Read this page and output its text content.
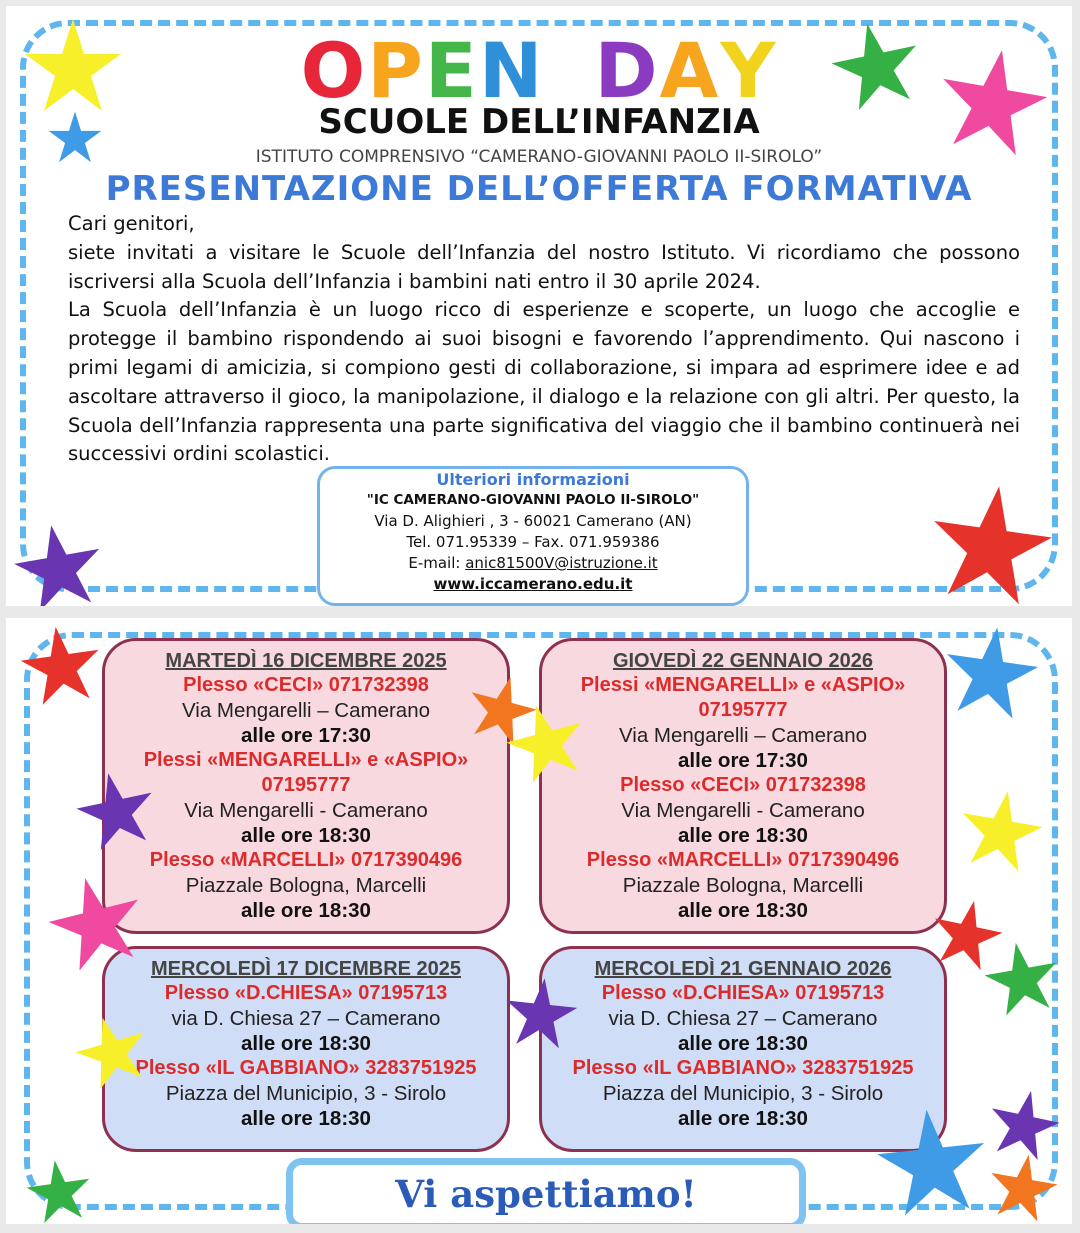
OPEN DAY
SCUOLE DELL’INFANZIA
ISTITUTO COMPRENSIVO “CAMERANO-GIOVANNI PAOLO II-SIROLO”
PRESENTAZIONE DELL’OFFERTA FORMATIVA

Cari genitori,

siete invitati a visitare le Scuole dell’Infanzia del nostro Istituto. Vi ricordiamo che possono iscriversi alla Scuola dell’Infanzia i bambini nati entro il 30 aprile 2024.

La Scuola dell’Infanzia è un luogo ricco di esperienze e scoperte, un luogo che accoglie e protegge il bambino rispondendo ai suoi bisogni e favorendo l’apprendimento. Qui nascono i primi legami di amicizia, si compiono gesti di collaborazione, si impara ad esprimere idee e ad ascoltare attraverso il gioco, la manipolazione, il dialogo e la relazione con gli altri. Per questo, la Scuola dell’Infanzia rappresenta una parte significativa del viaggio che il bambino continuerà nei successivi ordini scolastici.

Ulteriori informazioni
"IC CAMERANO-GIOVANNI PAOLO II-SIROLO"
Via D. Alighieri , 3 - 60021 Camerano (AN)
Tel. 071.95339 – Fax. 071.959386
E-mail: anic81500V@istruzione.it
www.iccamerano.edu.it
MARTEDÌ 16 DICEMBRE 2025
Plesso «CECI» 071732398
Via Mengarelli – Camerano
alle ore 17:30
Plessi «MENGARELLI» e «ASPIO»
07195777
Via Mengarelli - Camerano
alle ore 18:30
Plesso «MARCELLI» 0717390496
Piazzale Bologna, Marcelli
alle ore 18:30
GIOVEDÌ 22 GENNAIO 2026
Plessi «MENGARELLI» e «ASPIO»
07195777
Via Mengarelli – Camerano
alle ore 17:30
Plesso «CECI» 071732398
Via Mengarelli - Camerano
alle ore 18:30
Plesso «MARCELLI» 0717390496
Piazzale Bologna, Marcelli
alle ore 18:30
MERCOLEDÌ 17 DICEMBRE 2025
Plesso «D.CHIESA» 07195713
via D. Chiesa 27 – Camerano
alle ore 18:30
Plesso «IL GABBIANO» 3283751925
Piazza del Municipio, 3 - Sirolo
alle ore 18:30
MERCOLEDÌ 21 GENNAIO 2026
Plesso «D.CHIESA» 07195713
via D. Chiesa 27 – Camerano
alle ore 18:30
Plesso «IL GABBIANO» 3283751925
Piazza del Municipio, 3 - Sirolo
alle ore 18:30
Vi aspettiamo!
